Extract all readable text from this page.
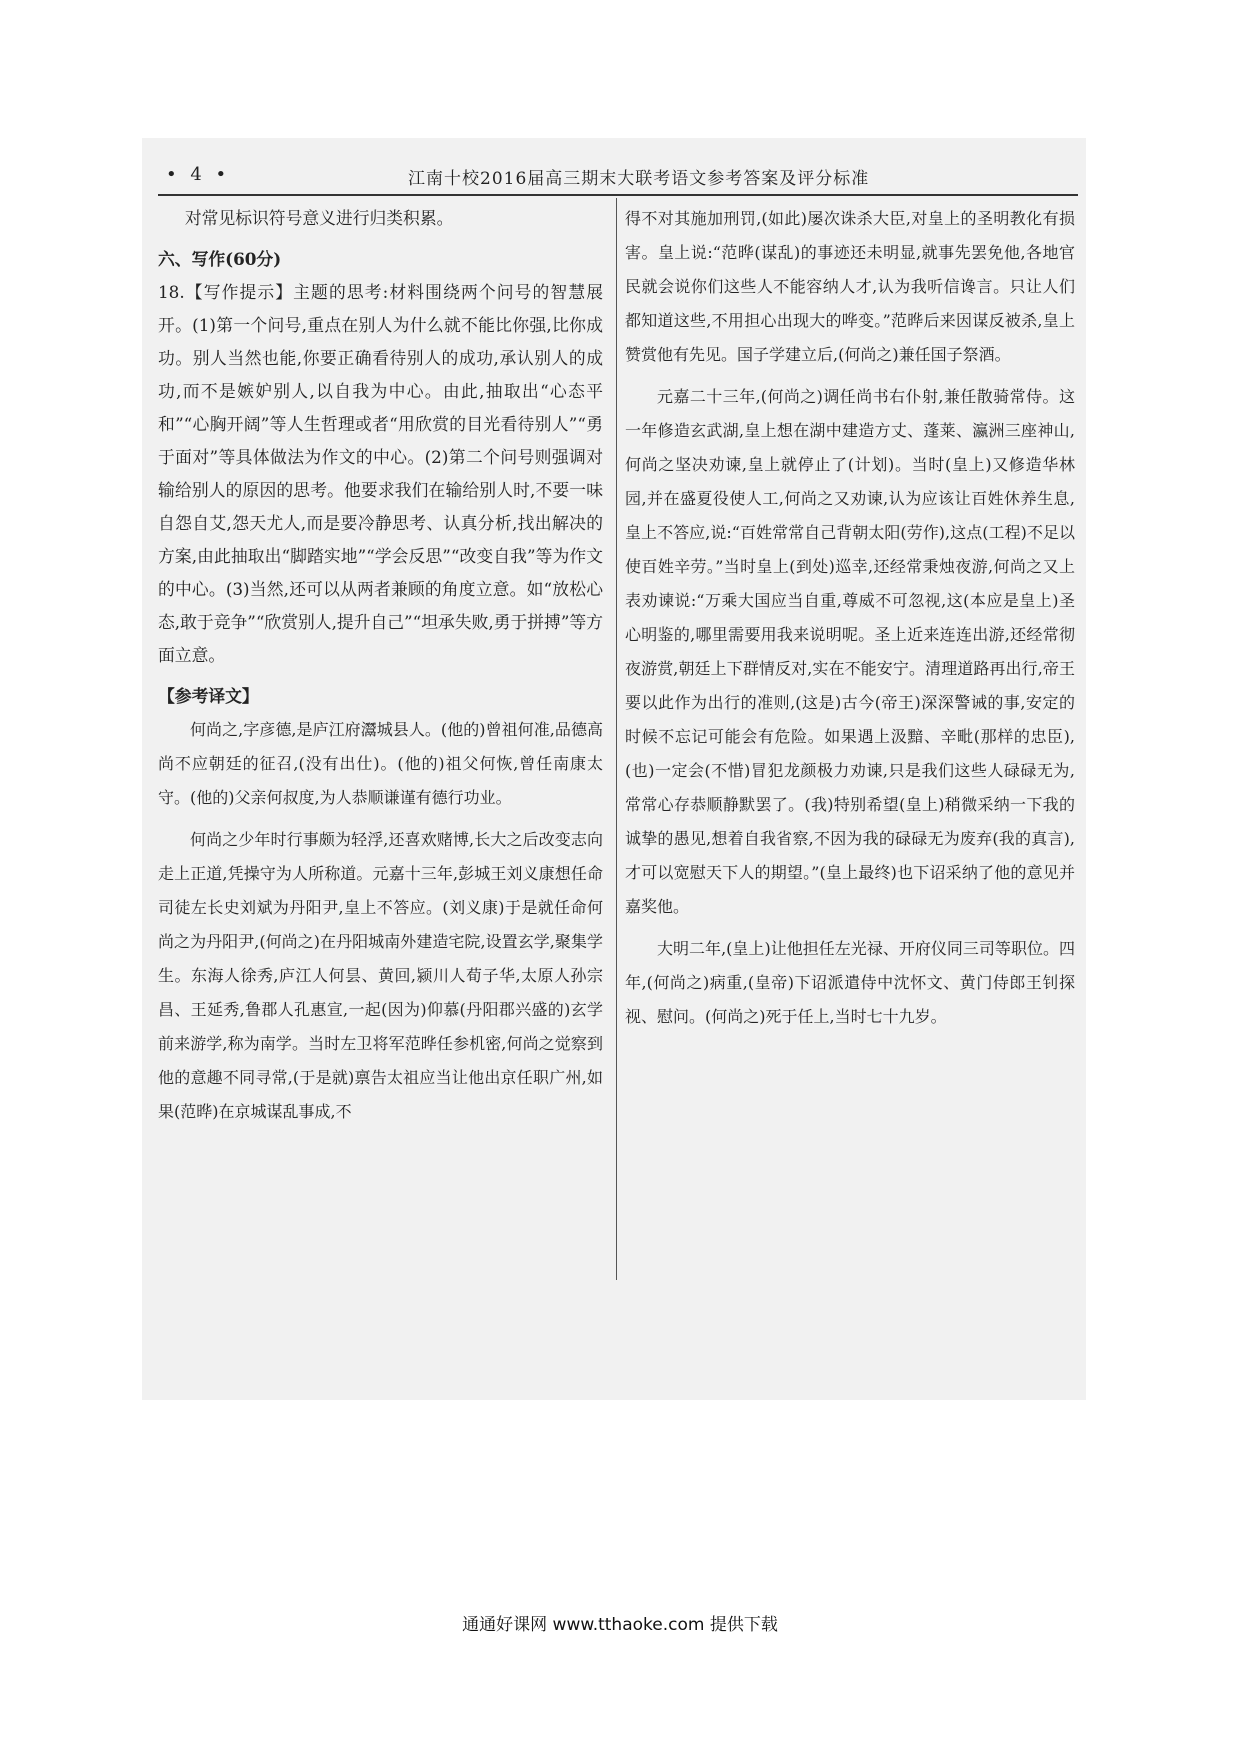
• 4 •	江南十校2016届高三期末大联考语文参考答案及评分标准

对常见标识符号意义进行归类积累。

六、写作(60分)

18.【写作提示】主题的思考:材料围绕两个问号的智慧展开。(1)第一个问号,重点在别人为什么就不能比你强,比你成功。别人当然也能,你要正确看待别人的成功,承认别人的成功,而不是嫉妒别人,以自我为中心。由此,抽取出“心态平和”“心胸开阔”等人生哲理或者“用欣赏的目光看待别人”“勇于面对”等具体做法为作文的中心。(2)第二个问号则强调对输给别人的原因的思考。他要求我们在输给别人时,不要一味自怨自艾,怨天尤人,而是要冷静思考、认真分析,找出解决的方案,由此抽取出“脚踏实地”“学会反思”“改变自我”等为作文的中心。(3)当然,还可以从两者兼顾的角度立意。如“放松心态,敢于竞争”“欣赏别人,提升自己”“坦承失败,勇于拼搏”等方面立意。

【参考译文】

何尚之,字彦德,是庐江府灊城县人。(他的)曾祖何准,品德高尚不应朝廷的征召,(没有出仕)。(他的)祖父何恢,曾任南康太守。(他的)父亲何叔度,为人恭顺谦谨有德行功业。

何尚之少年时行事颇为轻浮,还喜欢赌博,长大之后改变志向走上正道,凭操守为人所称道。元嘉十三年,彭城王刘义康想任命司徒左长史刘斌为丹阳尹,皇上不答应。(刘义康)于是就任命何尚之为丹阳尹,(何尚之)在丹阳城南外建造宅院,设置玄学,聚集学生。东海人徐秀,庐江人何昙、黄回,颍川人荀子华,太原人孙宗昌、王延秀,鲁郡人孔惠宣,一起(因为)仰慕(丹阳郡兴盛的)玄学前来游学,称为南学。当时左卫将军范晔任参机密,何尚之觉察到他的意趣不同寻常,(于是就)禀告太祖应当让他出京任职广州,如果(范晔)在京城谋乱事成,不

得不对其施加刑罚,(如此)屡次诛杀大臣,对皇上的圣明教化有损害。皇上说:“范晔(谋乱)的事迹还未明显,就事先罢免他,各地官民就会说你们这些人不能容纳人才,认为我听信谗言。只让人们都知道这些,不用担心出现大的哗变。”范晔后来因谋反被杀,皇上赞赏他有先见。国子学建立后,(何尚之)兼任国子祭酒。

元嘉二十三年,(何尚之)调任尚书右仆射,兼任散骑常侍。这一年修造玄武湖,皇上想在湖中建造方丈、蓬莱、瀛洲三座神山,何尚之坚决劝谏,皇上就停止了(计划)。当时(皇上)又修造华林园,并在盛夏役使人工,何尚之又劝谏,认为应该让百姓休养生息,皇上不答应,说:“百姓常常自己背朝太阳(劳作),这点(工程)不足以使百姓辛劳。”当时皇上(到处)巡幸,还经常秉烛夜游,何尚之又上表劝谏说:“万乘大国应当自重,尊威不可忽视,这(本应是皇上)圣心明鉴的,哪里需要用我来说明呢。圣上近来连连出游,还经常彻夜游赏,朝廷上下群情反对,实在不能安宁。清理道路再出行,帝王要以此作为出行的准则,(这是)古今(帝王)深深警诫的事,安定的时候不忘记可能会有危险。如果遇上汲黯、辛毗(那样的忠臣),(也)一定会(不惜)冒犯龙颜极力劝谏,只是我们这些人碌碌无为,常常心存恭顺静默罢了。(我)特别希望(皇上)稍微采纳一下我的诚挚的愚见,想着自我省察,不因为我的碌碌无为废弃(我的真言),才可以宽慰天下人的期望。”(皇上最终)也下诏采纳了他的意见并嘉奖他。

大明二年,(皇上)让他担任左光禄、开府仪同三司等职位。四年,(何尚之)病重,(皇帝)下诏派遣侍中沈怀文、黄门侍郎王钊探视、慰问。(何尚之)死于任上,当时七十九岁。

通通好课网 www.tthaoke.com 提供下载
